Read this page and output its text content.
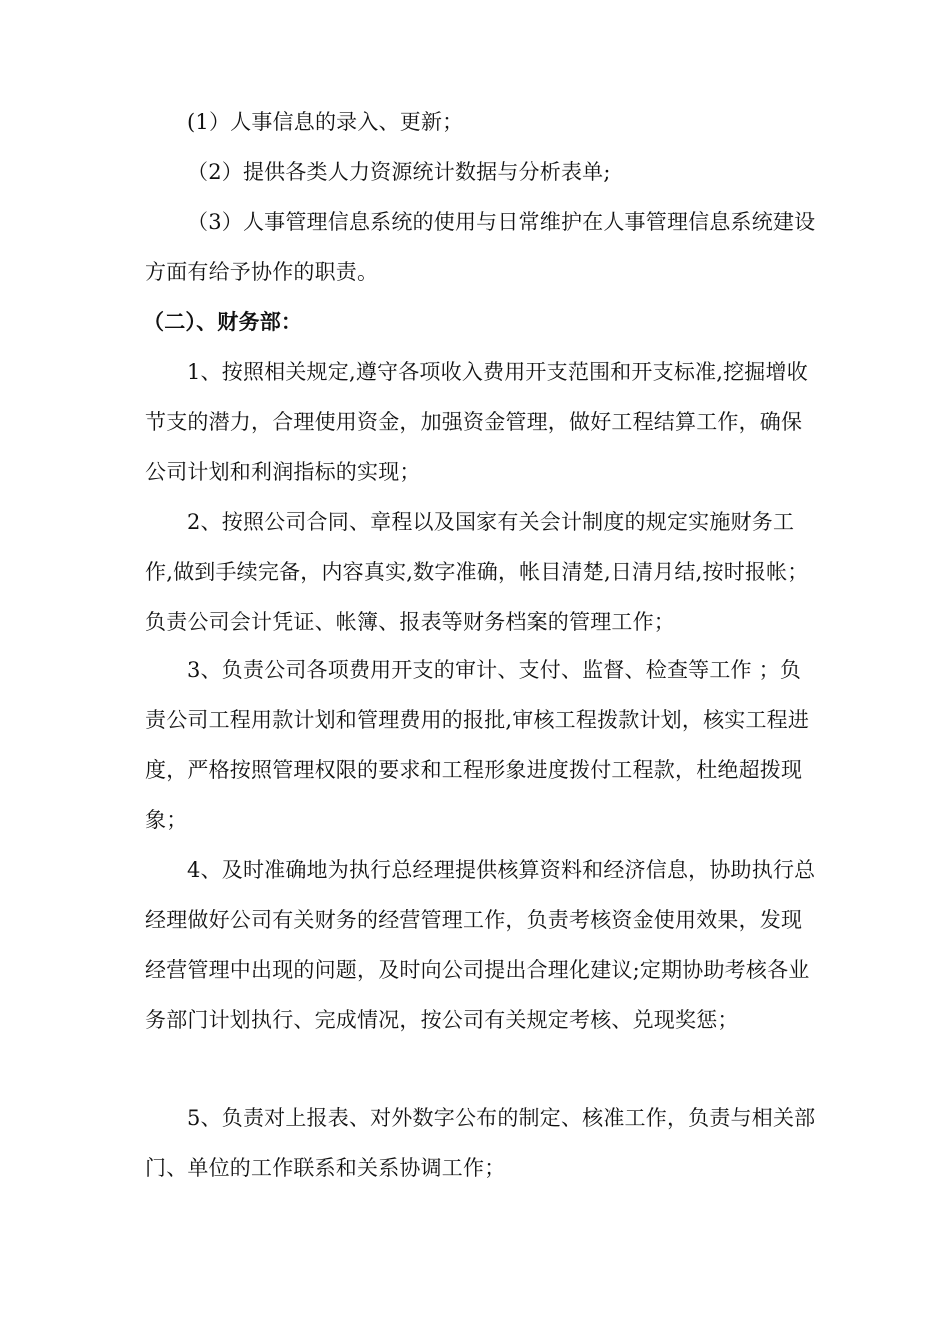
(1）人事信息的录入、更新；

（2）提供各类人力资源统计数据与分析表单;

（3）人事管理信息系统的使用与日常维护在人事管理信息系统建设方面有给予协作的职责。

（二）、财务部：

1、按照相关规定,遵守各项收入费用开支范围和开支标准,挖掘增收节支的潜力，合理使用资金，加强资金管理，做好工程结算工作，确保公司计划和利润指标的实现；

2、按照公司合同、章程以及国家有关会计制度的规定实施财务工作,做到手续完备，内容真实,数字准确，帐目清楚,日清月结,按时报帐；负责公司会计凭证、帐簿、报表等财务档案的管理工作；

3、负责公司各项费用开支的审计、支付、监督、检查等工作 ；负责公司工程用款计划和管理费用的报批,审核工程拨款计划，核实工程进度，严格按照管理权限的要求和工程形象进度拨付工程款，杜绝超拨现象；

4、及时准确地为执行总经理提供核算资料和经济信息，协助执行总经理做好公司有关财务的经营管理工作，负责考核资金使用效果，发现经营管理中出现的问题，及时向公司提出合理化建议;定期协助考核各业务部门计划执行、完成情况，按公司有关规定考核、兑现奖惩；

5、负责对上报表、对外数字公布的制定、核准工作，负责与相关部门、单位的工作联系和关系协调工作；
